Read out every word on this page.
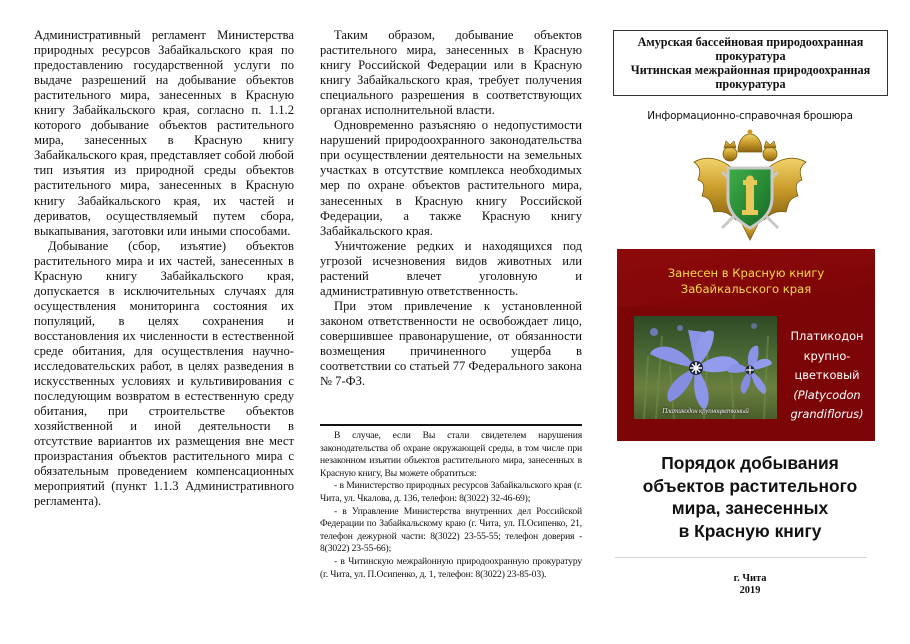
Административный регламент Министерства природных ресурсов Забайкальского края по предоставлению государственной услуги по выдаче разрешений на добывание объектов растительного мира, занесенных в Красную книгу Забайкальского края, согласно п. 1.1.2 которого добывание объектов растительного мира, занесенных в Красную книгу Забайкальского края, представляет собой любой тип изъятия из природной среды объектов растительного мира, занесенных в Красную книгу Забайкальского края, их частей и дериватов, осуществляемый путем сбора, выкапывания, заготовки или иными способами.

Добывание (сбор, изъятие) объектов растительного мира и их частей, занесенных в Красную книгу Забайкальского края, допускается в исключительных случаях для осуществления мониторинга состояния их популяций, в целях сохранения и восстановления их численности в естественной среде обитания, для осуществления научно-исследовательских работ, в целях разведения в искусственных условиях и культивирования с последующим возвратом в естественную среду обитания, при строительстве объектов хозяйственной и иной деятельности в отсутствие вариантов их размещения вне мест произрастания объектов растительного мира с обязательным проведением компенсационных мероприятий (пункт 1.1.3 Административного регламента).

Таким образом, добывание объектов растительного мира, занесенных в Красную книгу Российской Федерации или в Красную книгу Забайкальского края, требует получения специального разрешения в соответствующих органах исполнительной власти.

Одновременно разъясняю о недопустимости нарушений природоохранного законодательства при осуществлении деятельности на земельных участках в отсутствие комплекса необходимых мер по охране объектов растительного мира, занесенных в Красную книгу Российской Федерации, а также Красную книгу Забайкальского края.

Уничтожение редких и находящихся под угрозой исчезновения видов животных или растений влечет уголовную и административную ответственность.

При этом привлечение к установленной законом ответственности не освобождает лицо, совершившее правонарушение, от обязанности возмещения причиненного ущерба в соответствии со статьей 77 Федерального закона № 7-ФЗ.

В случае, если Вы стали свидетелем нарушения законодательства об охране окружающей среды, в том числе при незаконном изъятии объектов растительного мира, занесенных в Красную книгу, Вы можете обратиться:

- в Министерство природных ресурсов Забайкальского края (г. Чита, ул. Чкалова, д. 136, телефон: 8(3022) 32-46-69);

- в Управление Министерства внутренних дел Российской Федерации по Забайкальскому краю (г. Чита, ул. П.Осипенко, 21, телефон дежурной части: 8(3022) 23-55-55; телефон доверия - 8(3022) 23-55-66);

- в Читинскую межрайонную природоохранную прокуратуру (г. Чита, ул. П.Осипенко, д. 1, телефон: 8(3022) 23-85-03).

Амурская бассейновая природоохранная
прокуратура
Читинская межрайонная природоохранная
прокуратура
Информационно-справочная брошюра
Занесен в Красную книгу
Забайкальского края
Платикодон крупноцветковый
Платикодон
крупно-
цветковый
(Platycodon
grandiflorus)
Порядок добывания
объектов растительного
мира, занесенных
в Красную книгу
г. Чита
2019
